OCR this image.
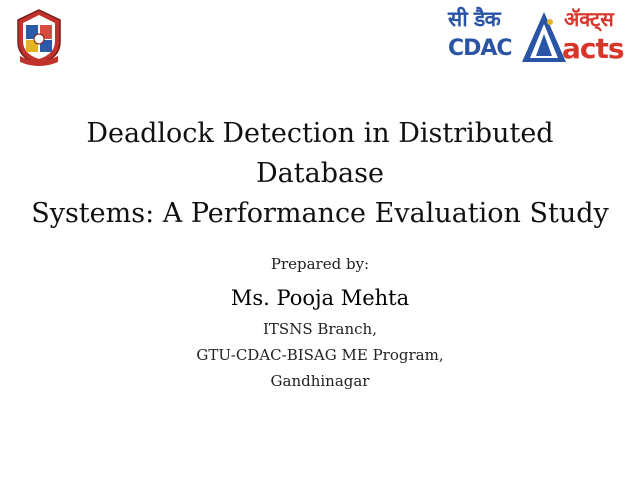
सी डैक
CDAC
ॲक्ट्स
acts
Deadlock Detection in Distributed Database
Systems: A Performance Evaluation Study
Prepared by:
Ms. Pooja Mehta
ITSNS Branch,
GTU-CDAC-BISAG ME Program,
Gandhinagar
